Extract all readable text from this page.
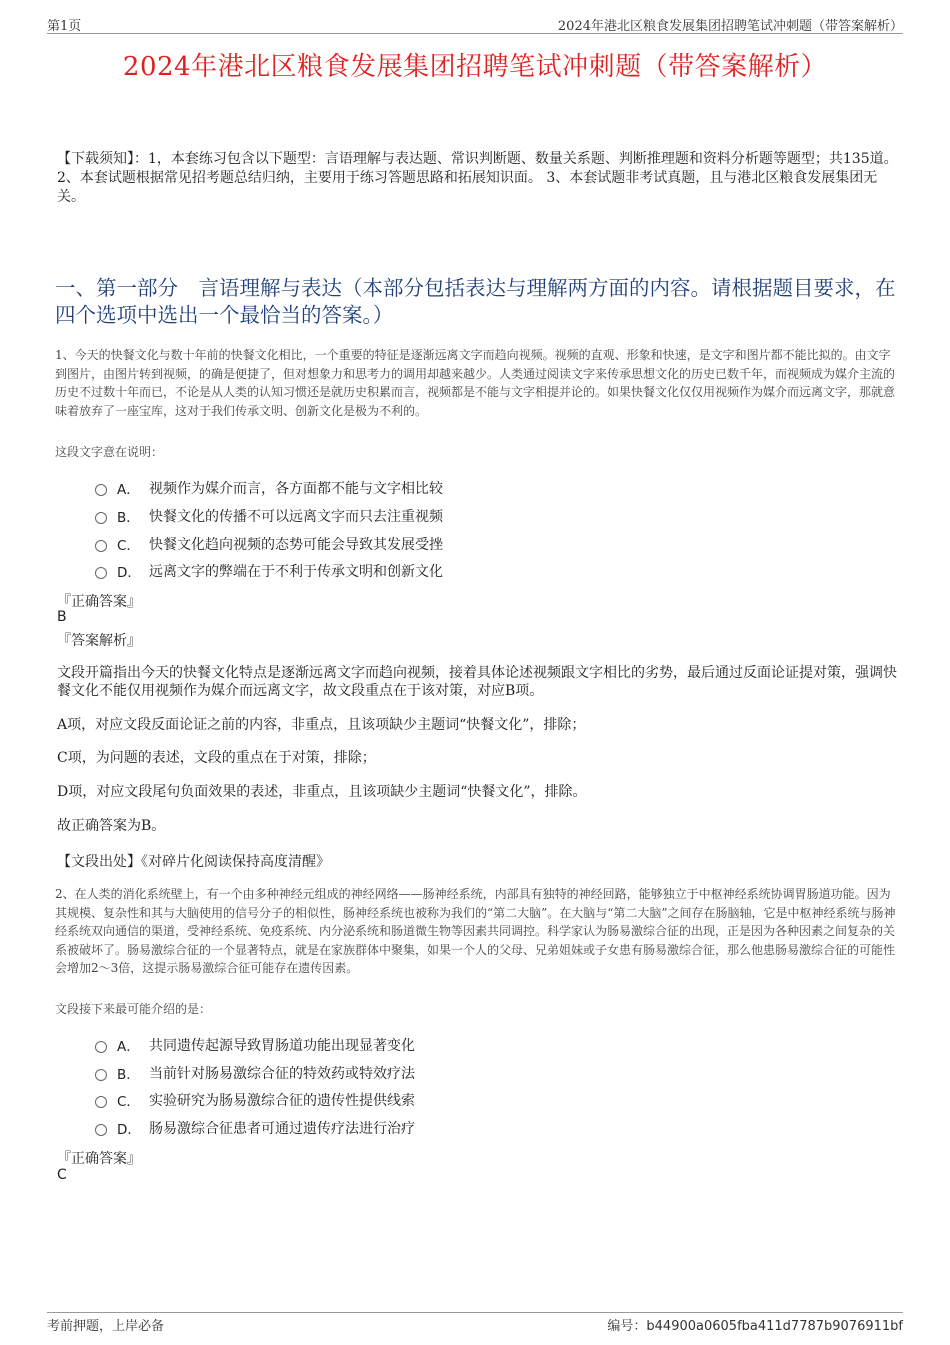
第1页	2024年港北区粮食发展集团招聘笔试冲刺题（带答案解析）
2024年港北区粮食发展集团招聘笔试冲刺题（带答案解析）
【下载须知】：1，本套练习包含以下题型：言语理解与表达题、常识判断题、数量关系题、判断推理题和资料分析题等题型；共135道。 2、本套试题根据常见招考题总结归纳，主要用于练习答题思路和拓展知识面。 3、本套试题非考试真题，且与港北区粮食发展集团无关。
一、第一部分　言语理解与表达（本部分包括表达与理解两方面的内容。请根据题目要求，在四个选项中选出一个最恰当的答案。）
1、今天的快餐文化与数十年前的快餐文化相比，一个重要的特征是逐渐远离文字而趋向视频。视频的直观、形象和快速，是文字和图片都不能比拟的。由文字到图片，由图片转到视频，的确是便捷了，但对想象力和思考力的调用却越来越少。人类通过阅读文字来传承思想文化的历史已数千年，而视频成为媒介主流的历史不过数十年而已，不论是从人类的认知习惯还是就历史积累而言，视频都是不能与文字相提并论的。如果快餐文化仅仅用视频作为媒介而远离文字，那就意味着放弃了一座宝库，这对于我们传承文明、创新文化是极为不利的。
这段文字意在说明：
A． 视频作为媒介而言，各方面都不能与文字相比较
B． 快餐文化的传播不可以远离文字而只去注重视频
C． 快餐文化趋向视频的态势可能会导致其发展受挫
D． 远离文字的弊端在于不利于传承文明和创新文化
『正确答案』
B
『答案解析』
文段开篇指出今天的快餐文化特点是逐渐远离文字而趋向视频，接着具体论述视频跟文字相比的劣势，最后通过反面论证提对策，强调快餐文化不能仅用视频作为媒介而远离文字，故文段重点在于该对策，对应B项。
A项，对应文段反面论证之前的内容，非重点，且该项缺少主题词“快餐文化”，排除；
C项，为问题的表述，文段的重点在于对策，排除；
D项，对应文段尾句负面效果的表述，非重点，且该项缺少主题词“快餐文化”，排除。
故正确答案为B。
【文段出处】《对碎片化阅读保持高度清醒》
2、在人类的消化系统壁上，有一个由多种神经元组成的神经网络——肠神经系统，内部具有独特的神经回路，能够独立于中枢神经系统协调胃肠道功能。因为其规模、复杂性和其与大脑使用的信号分子的相似性，肠神经系统也被称为我们的“第二大脑”。在大脑与“第二大脑”之间存在肠脑轴，它是中枢神经系统与肠神经系统双向通信的渠道，受神经系统、免疫系统、内分泌系统和肠道微生物等因素共同调控。科学家认为肠易激综合征的出现，正是因为各种因素之间复杂的关系被破坏了。肠易激综合征的一个显著特点，就是在家族群体中聚集，如果一个人的父母、兄弟姐妹或子女患有肠易激综合征，那么他患肠易激综合征的可能性会增加2～3倍，这提示肠易激综合征可能存在遗传因素。
文段接下来最可能介绍的是：
A． 共同遗传起源导致胃肠道功能出现显著变化
B． 当前针对肠易激综合征的特效药或特效疗法
C． 实验研究为肠易激综合征的遗传性提供线索
D． 肠易激综合征患者可通过遗传疗法进行治疗
『正确答案』
C
考前押题，上岸必备	编号：b44900a0605fba411d7787b9076911bf
